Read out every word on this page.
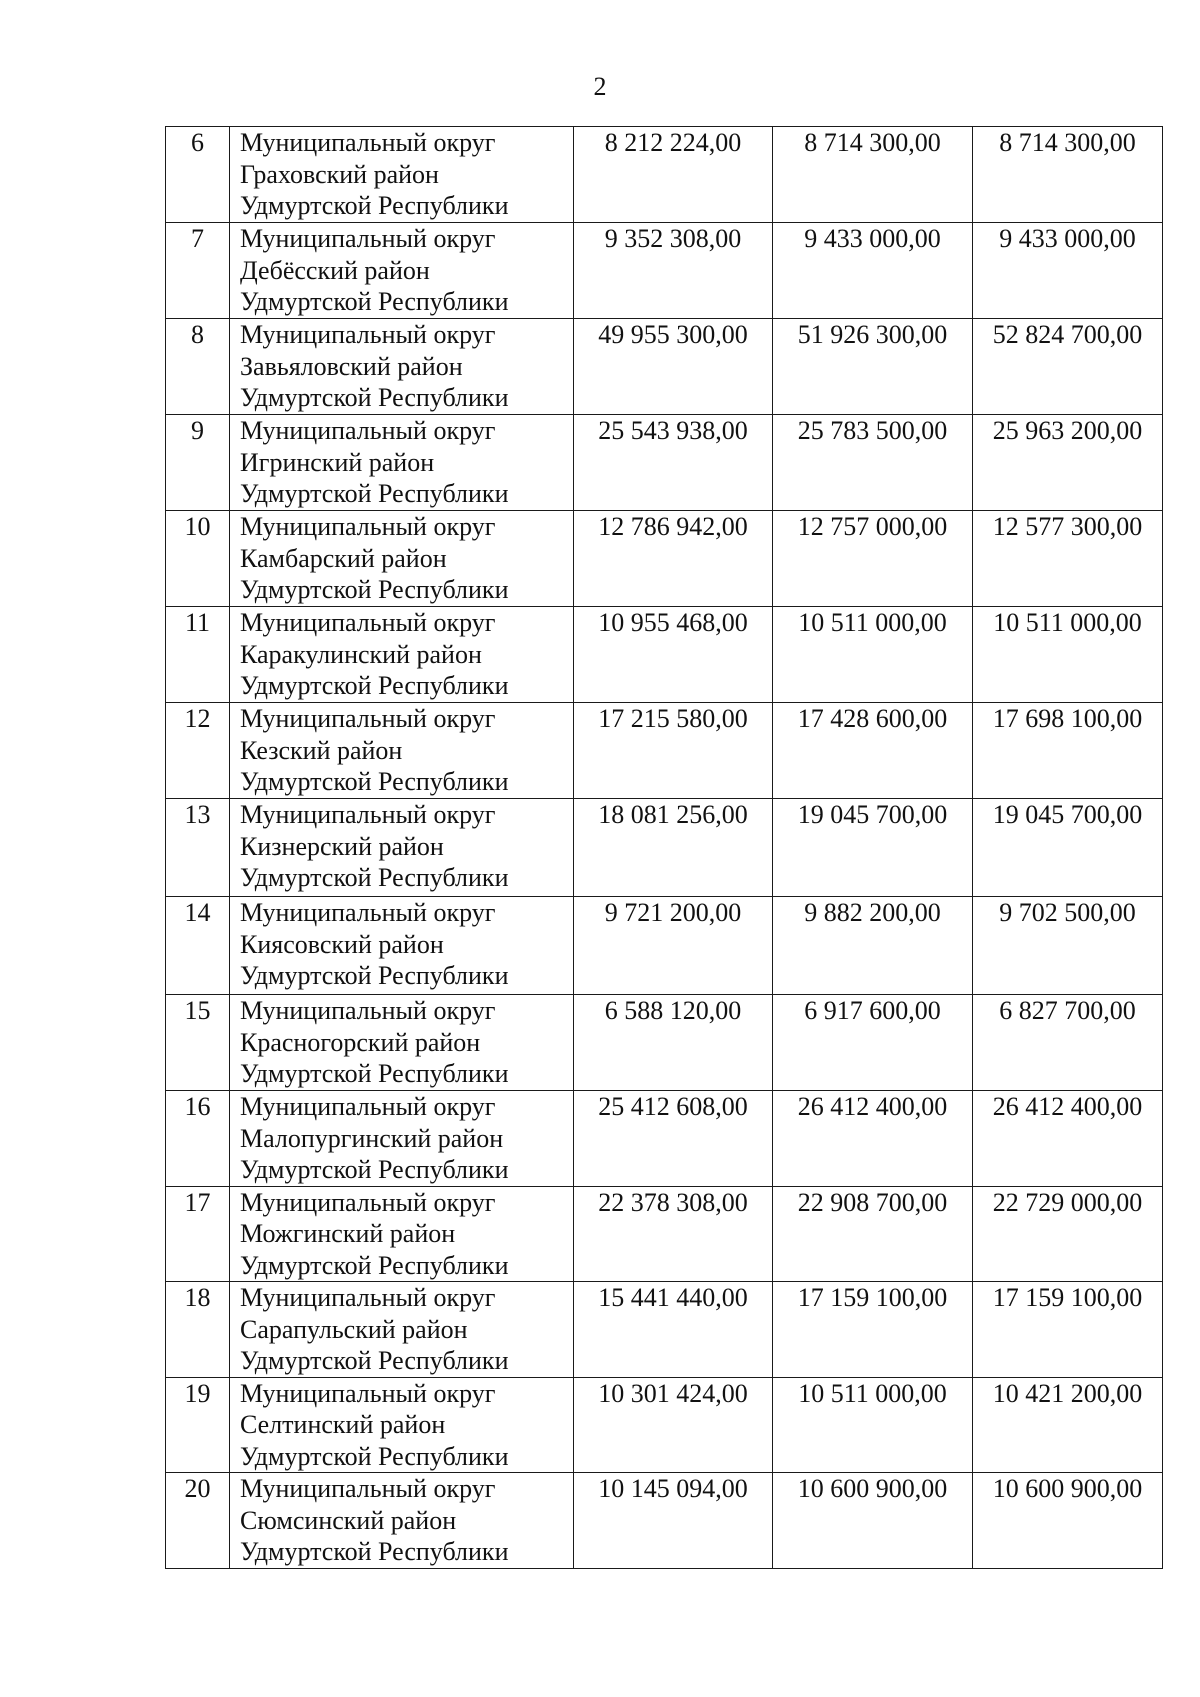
2
6	Муниципальный округ
Граховский район
Удмуртской Республики	8 212 224,00	8 714 300,00	8 714 300,00
7	Муниципальный округ
Дебёсский район
Удмуртской Республики	9 352 308,00	9 433 000,00	9 433 000,00
8	Муниципальный округ
Завьяловский район
Удмуртской Республики	49 955 300,00	51 926 300,00	52 824 700,00
9	Муниципальный округ
Игринский район
Удмуртской Республики	25 543 938,00	25 783 500,00	25 963 200,00
10	Муниципальный округ
Камбарский район
Удмуртской Республики	12 786 942,00	12 757 000,00	12 577 300,00
11	Муниципальный округ
Каракулинский район
Удмуртской Республики	10 955 468,00	10 511 000,00	10 511 000,00
12	Муниципальный округ
Кезский район
Удмуртской Республики	17 215 580,00	17 428 600,00	17 698 100,00
13	Муниципальный округ
Кизнерский район
Удмуртской Республики	18 081 256,00	19 045 700,00	19 045 700,00
14	Муниципальный округ
Киясовский район
Удмуртской Республики	9 721 200,00	9 882 200,00	9 702 500,00
15	Муниципальный округ
Красногорский район
Удмуртской Республики	6 588 120,00	6 917 600,00	6 827 700,00
16	Муниципальный округ
Малопургинский район
Удмуртской Республики	25 412 608,00	26 412 400,00	26 412 400,00
17	Муниципальный округ
Можгинский район
Удмуртской Республики	22 378 308,00	22 908 700,00	22 729 000,00
18	Муниципальный округ
Сарапульский район
Удмуртской Республики	15 441 440,00	17 159 100,00	17 159 100,00
19	Муниципальный округ
Селтинский район
Удмуртской Республики	10 301 424,00	10 511 000,00	10 421 200,00
20	Муниципальный округ
Сюмсинский район
Удмуртской Республики	10 145 094,00	10 600 900,00	10 600 900,00
